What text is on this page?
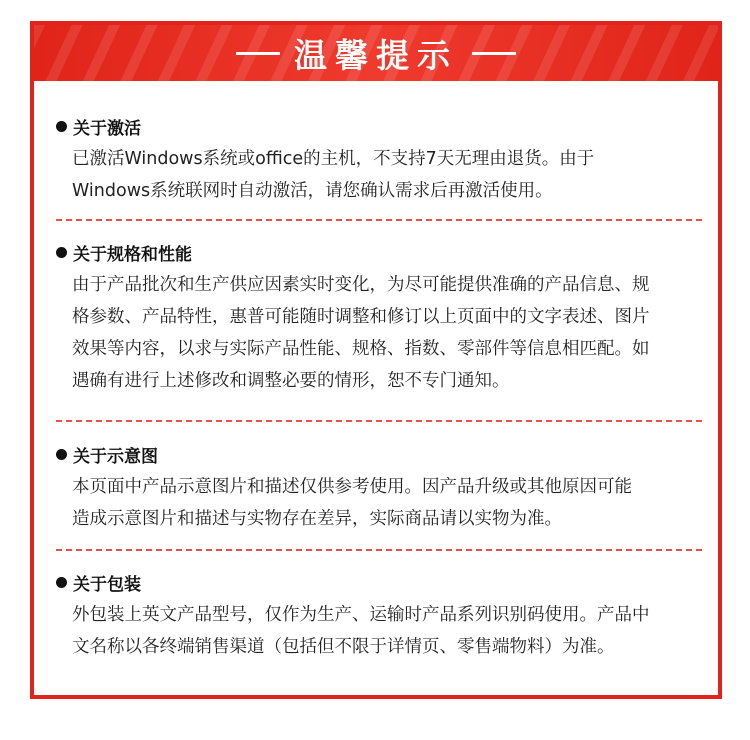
温馨提示
关于激活

已激活Windows系统或office的主机，不支持7天无理由退货。由于

Windows系统联网时自动激活，请您确认需求后再激活使用。

关于规格和性能

由于产品批次和生产供应因素实时变化，为尽可能提供准确的产品信息、规

格参数、产品特性，惠普可能随时调整和修订以上页面中的文字表述、图片

效果等内容，以求与实际产品性能、规格、指数、零部件等信息相匹配。如

遇确有进行上述修改和调整必要的情形，恕不专门通知。

关于示意图

本页面中产品示意图片和描述仅供参考使用。因产品升级或其他原因可能

造成示意图片和描述与实物存在差异，实际商品请以实物为准。

关于包装

外包装上英文产品型号，仅作为生产、运输时产品系列识别码使用。产品中

文名称以各终端销售渠道（包括但不限于详情页、零售端物料）为准。
